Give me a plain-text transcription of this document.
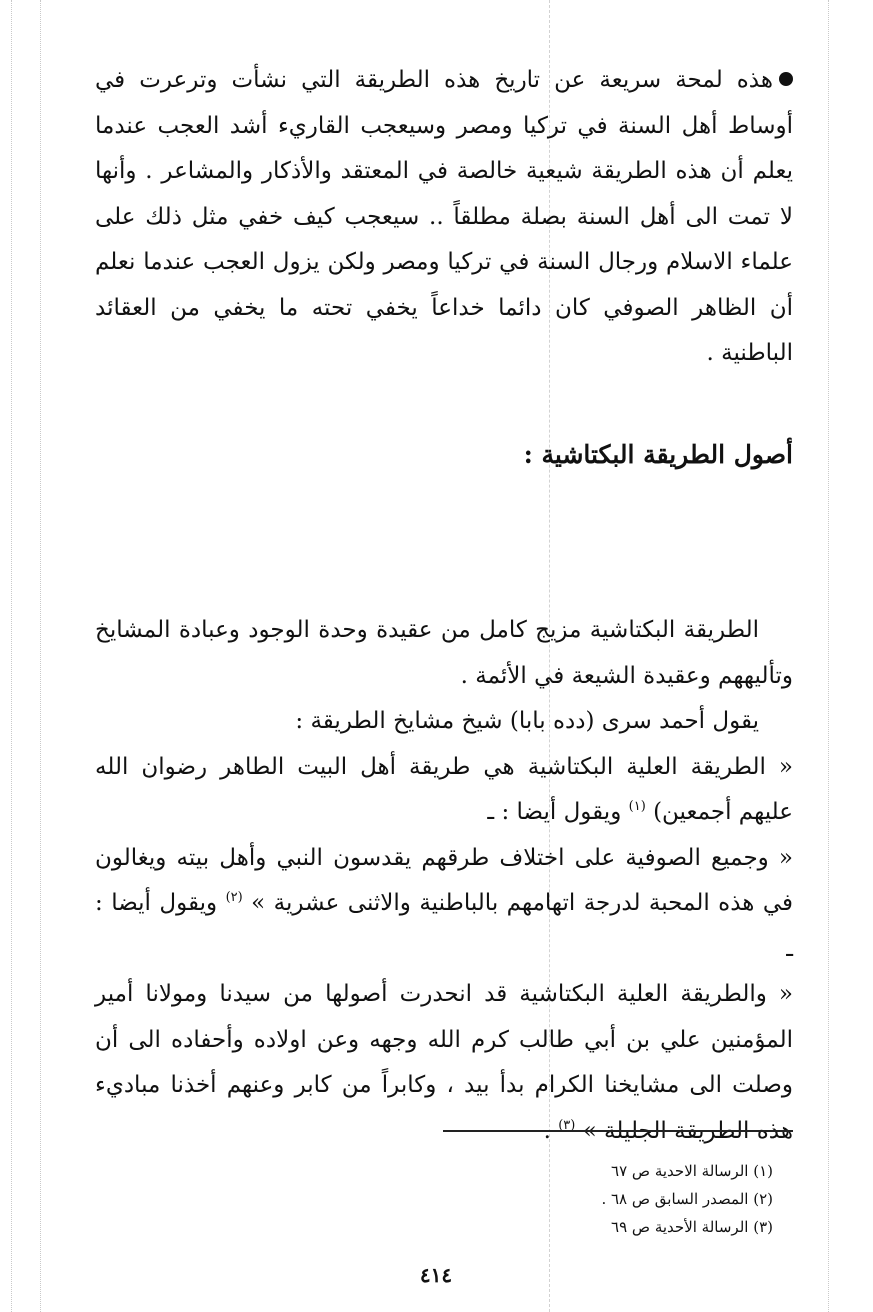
هذه لمحة سريعة عن تاريخ هذه الطريقة التي نشأت وترعرت في أوساط أهل السنة في تركيا ومصر وسيعجب القاريء أشد العجب عندما يعلم أن هذه الطريقة شيعية خالصة في المعتقد والأذكار والمشاعر . وأنها لا تمت الى أهل السنة بصلة مطلقاً .. سيعجب كيف خفي مثل ذلك على علماء الاسلام ورجال السنة في تركيا ومصر ولكن يزول العجب عندما نعلم أن الظاهر الصوفي كان دائما خداعاً يخفي تحته ما يخفي من العقائد الباطنية .

أصول الطريقة البكتاشية :

الطريقة البكتاشية مزيج كامل من عقيدة وحدة الوجود وعبادة المشايخ وتأليههم وعقيدة الشيعة في الأئمة .

يقول أحمد سرى (دده بابا) شيخ مشايخ الطريقة :

« الطريقة العلية البكتاشية هي طريقة أهل البيت الطاهر رضوان الله عليهم أجمعين) $^{(١)}$ ويقول أيضا : ـ

« وجميع الصوفية على اختلاف طرقهم يقدسون النبي وأهل بيته ويغالون في هذه المحبة لدرجة اتهامهم بالباطنية والاثنى عشرية » $^{(٢)}$ ويقول أيضا : ـ

« والطريقة العلية البكتاشية قد انحدرت أصولها من سيدنا ومولانا أمير المؤمنين علي بن أبي طالب كرم الله وجهه وعن اولاده وأحفاده الى أن وصلت الى مشايخنا الكرام بدأ بيد ، وكابراً من كابر وعنهم أخذنا مباديء هذه الطريقة الجليلة » $^{(٣)}$ .

(١) الرسالة الاحدية ص ٦٧
(٢) المصدر السابق ص ٦٨ .
(٣) الرسالة الأحدية ص ٦٩
٤١٤
